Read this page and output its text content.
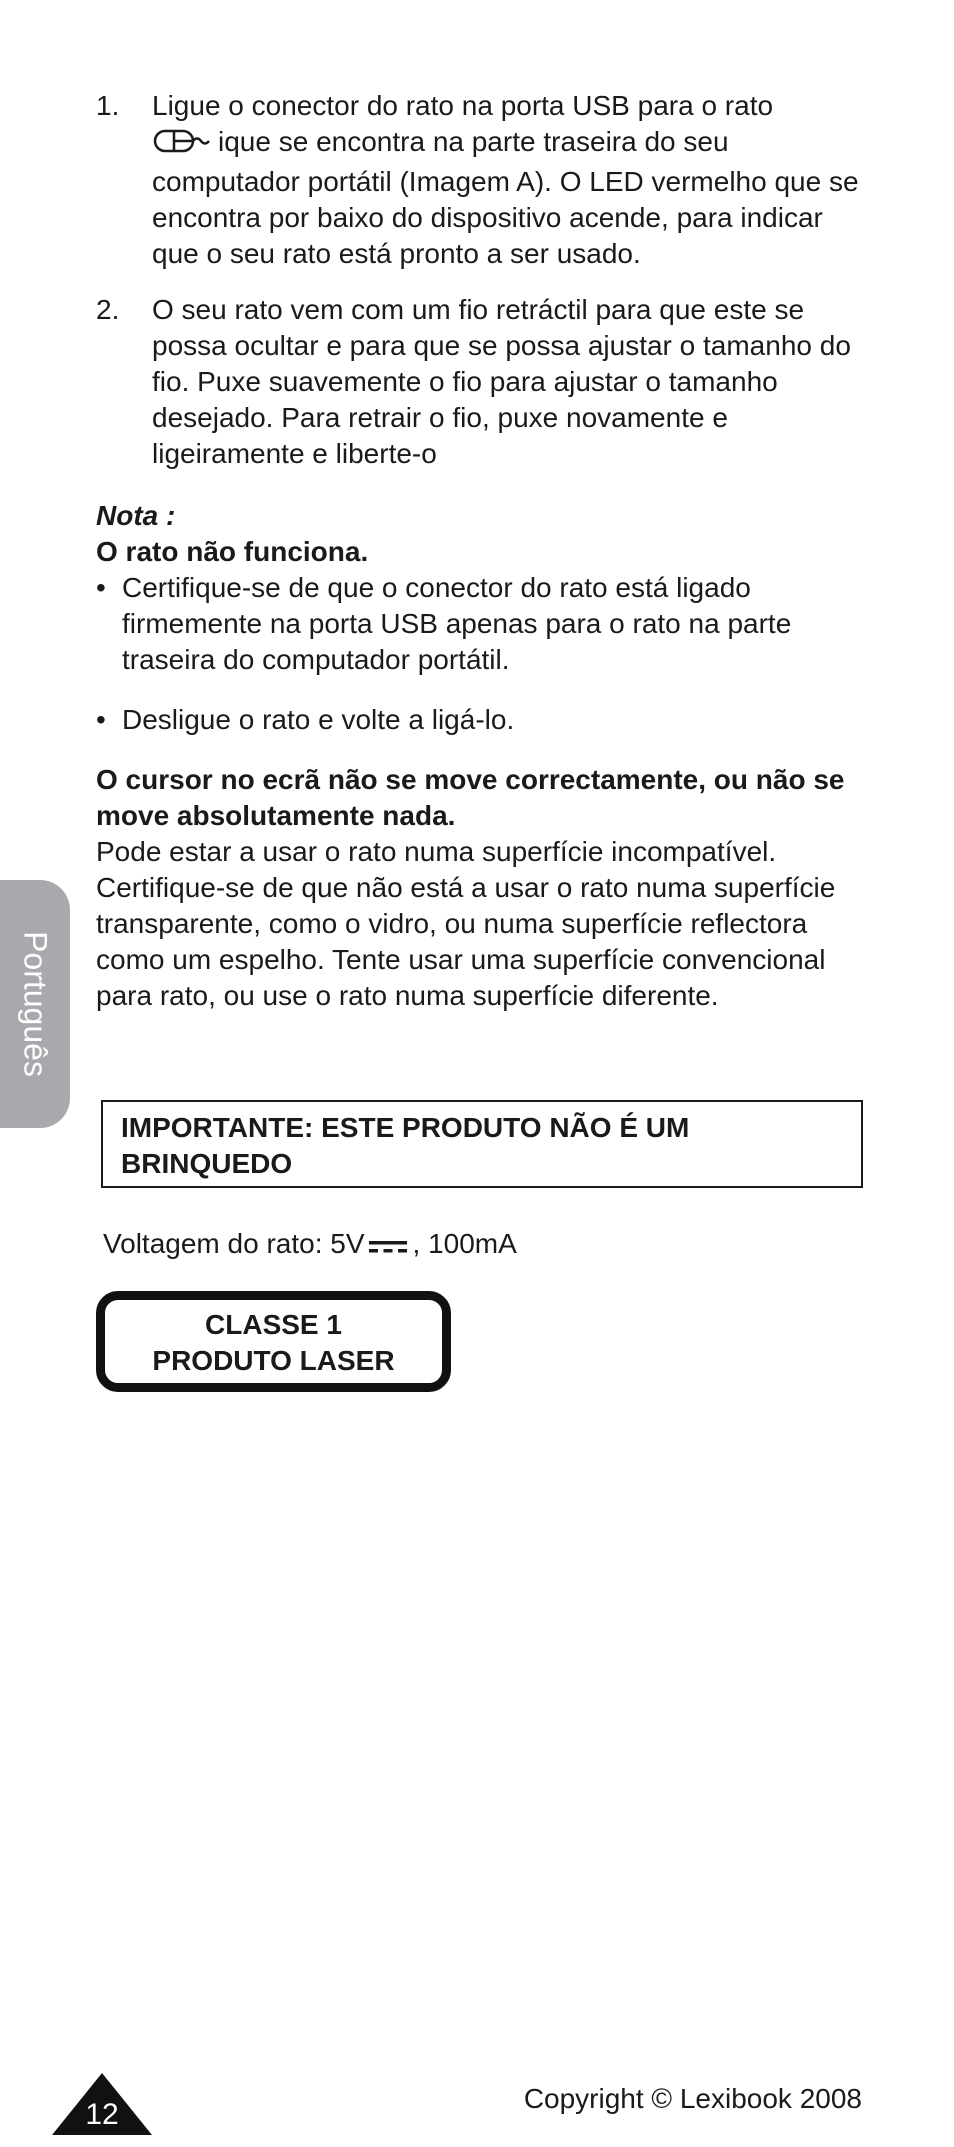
1. Ligue o conector do rato na porta USB para o rato
ique se encontra na parte traseira do seu computador portátil (Imagem A). O LED vermelho que se encontra por baixo do dispositivo acende, para indicar que o seu rato está pronto a ser usado.
2. O seu rato vem com um fio retráctil para que este se possa ocultar e para que se possa ajustar o tamanho do fio. Puxe suavemente o fio para ajustar o tamanho desejado. Para retrair o fio, puxe novamente e ligeiramente e liberte-o
Nota :
O rato não funciona.
• Certifique-se de que o conector do rato está ligado firmemente na porta USB apenas para o rato na parte traseira do computador portátil.
• Desligue o rato e volte a ligá-lo.
O cursor no ecrã não se move correctamente, ou não se move absolutamente nada.
Pode estar a usar o rato numa superfície incompatível. Certifique-se de que não está a usar o rato numa superfície transparente, como o vidro, ou numa superfície reflectora como um espelho. Tente usar uma superfície convencional para rato, ou use o rato numa superfície diferente.
Português
IMPORTANTE: ESTE PRODUTO NÃO É UM BRINQUEDO
Voltagem do rato: 5V , 100mA
CLASSE 1
PRODUTO LASER
12	Copyright © Lexibook 2008
